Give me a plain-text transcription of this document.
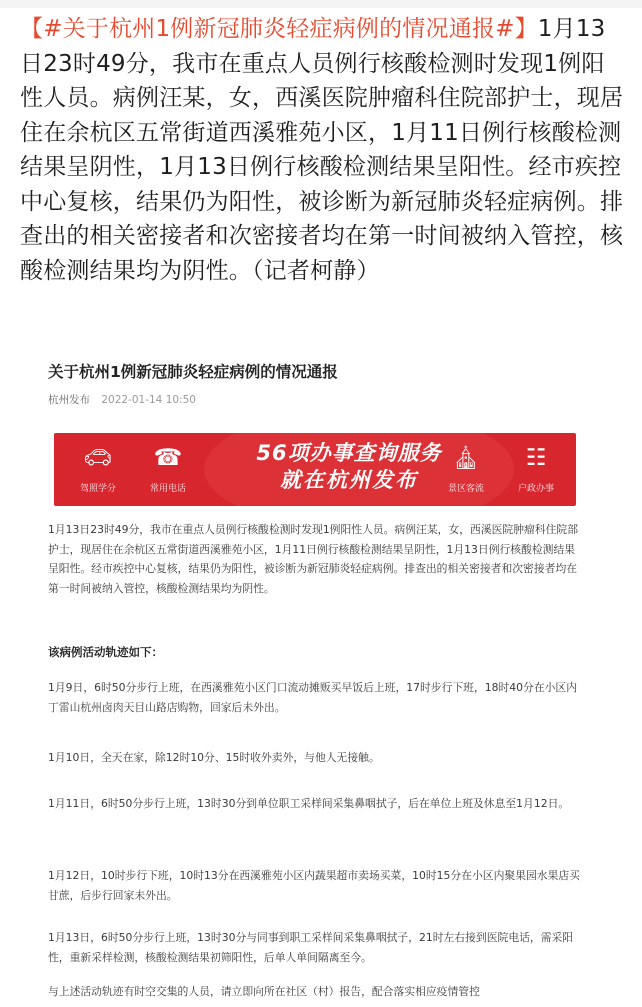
【#关于杭州1例新冠肺炎轻症病例的情况通报#】1月13日23时49分，我市在重点人员例行核酸检测时发现1例阳性人员。病例汪某，女，西溪医院肿瘤科住院部护士，现居住在余杭区五常街道西溪雅苑小区，1月11日例行核酸检测结果呈阴性，1月13日例行核酸检测结果呈阳性。经市疾控中心复核，结果仍为阳性，被诊断为新冠肺炎轻症病例。排查出的相关密接者和次密接者均在第一时间被纳入管控，核酸检测结果均为阴性。（记者柯静）

关于杭州1例新冠肺炎轻症病例的情况通报
杭州发布 2022-01-14 10:50
🚗︎
驾照学分
☎
常用电话
56项办事查询服务
就在杭州发布
⛪︎
景区客流
☷
户政办事

1月13日23时49分，我市在重点人员例行核酸检测时发现1例阳性人员。病例汪某，女，西溪医院肿瘤科住院部护士，现居住在余杭区五常街道西溪雅苑小区，1月11日例行核酸检测结果呈阴性，1月13日例行核酸检测结果呈阳性。经市疾控中心复核，结果仍为阳性，被诊断为新冠肺炎轻症病例。排查出的相关密接者和次密接者均在第一时间被纳入管控，核酸检测结果均为阴性。

该病例活动轨迹如下：

1月9日，6时50分步行上班，在西溪雅苑小区门口流动摊贩买早饭后上班，17时步行下班，18时40分在小区内丁雷山杭州卤肉天目山路店购物，回家后未外出。

1月10日，全天在家，除12时10分、15时收外卖外，与他人无接触。

1月11日，6时50分步行上班，13时30分到单位职工采样间采集鼻咽拭子，后在单位上班及休息至1月12日。

1月12日，10时步行下班，10时13分在西溪雅苑小区内蔬果超市卖场买菜，10时15分在小区内聚果园水果店买甘蔗，后步行回家未外出。

1月13日，6时50分步行上班，13时30分与同事到职工采样间采集鼻咽拭子，21时左右接到医院电话，需采阳性，重新采样检测，核酸检测结果初筛阳性，后单人单间隔离至今。

与上述活动轨迹有时空交集的人员，请立即向所在社区（村）报告，配合落实相应疫情管控
